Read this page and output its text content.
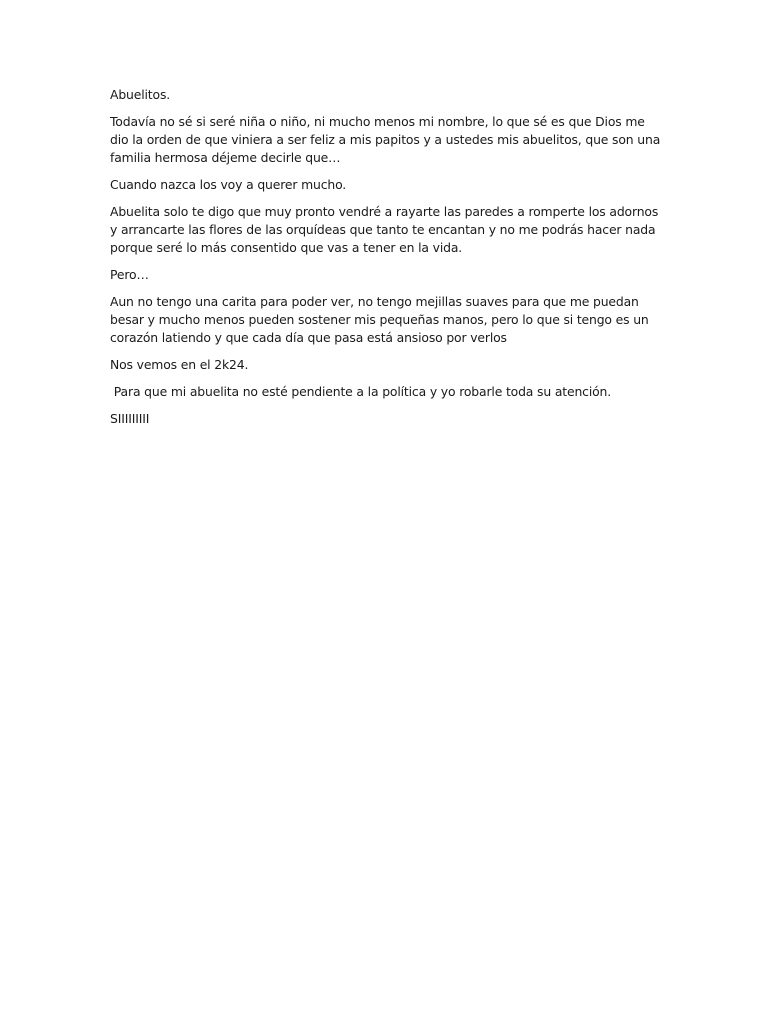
Abuelitos.

Todavía no sé si seré niña o niño, ni mucho menos mi nombre, lo que sé es que Dios me dio la orden de que viniera a ser feliz a mis papitos y a ustedes mis abuelitos, que son una familia hermosa déjeme decirle que…

Cuando nazca los voy a querer mucho.

Abuelita solo te digo que muy pronto vendré a rayarte las paredes a romperte los adornos y arrancarte las flores de las orquídeas que tanto te encantan y no me podrás hacer nada porque seré lo más consentido que vas a tener en la vida.

Pero…

Aun no tengo una carita para poder ver, no tengo mejillas suaves para que me puedan besar y mucho menos pueden sostener mis pequeñas manos, pero lo que si tengo es un corazón latiendo y que cada día que pasa está ansioso por verlos

Nos vemos en el 2k24.

Para que mi abuelita no esté pendiente a la política y yo robarle toda su atención.

SIIIIIIIII
